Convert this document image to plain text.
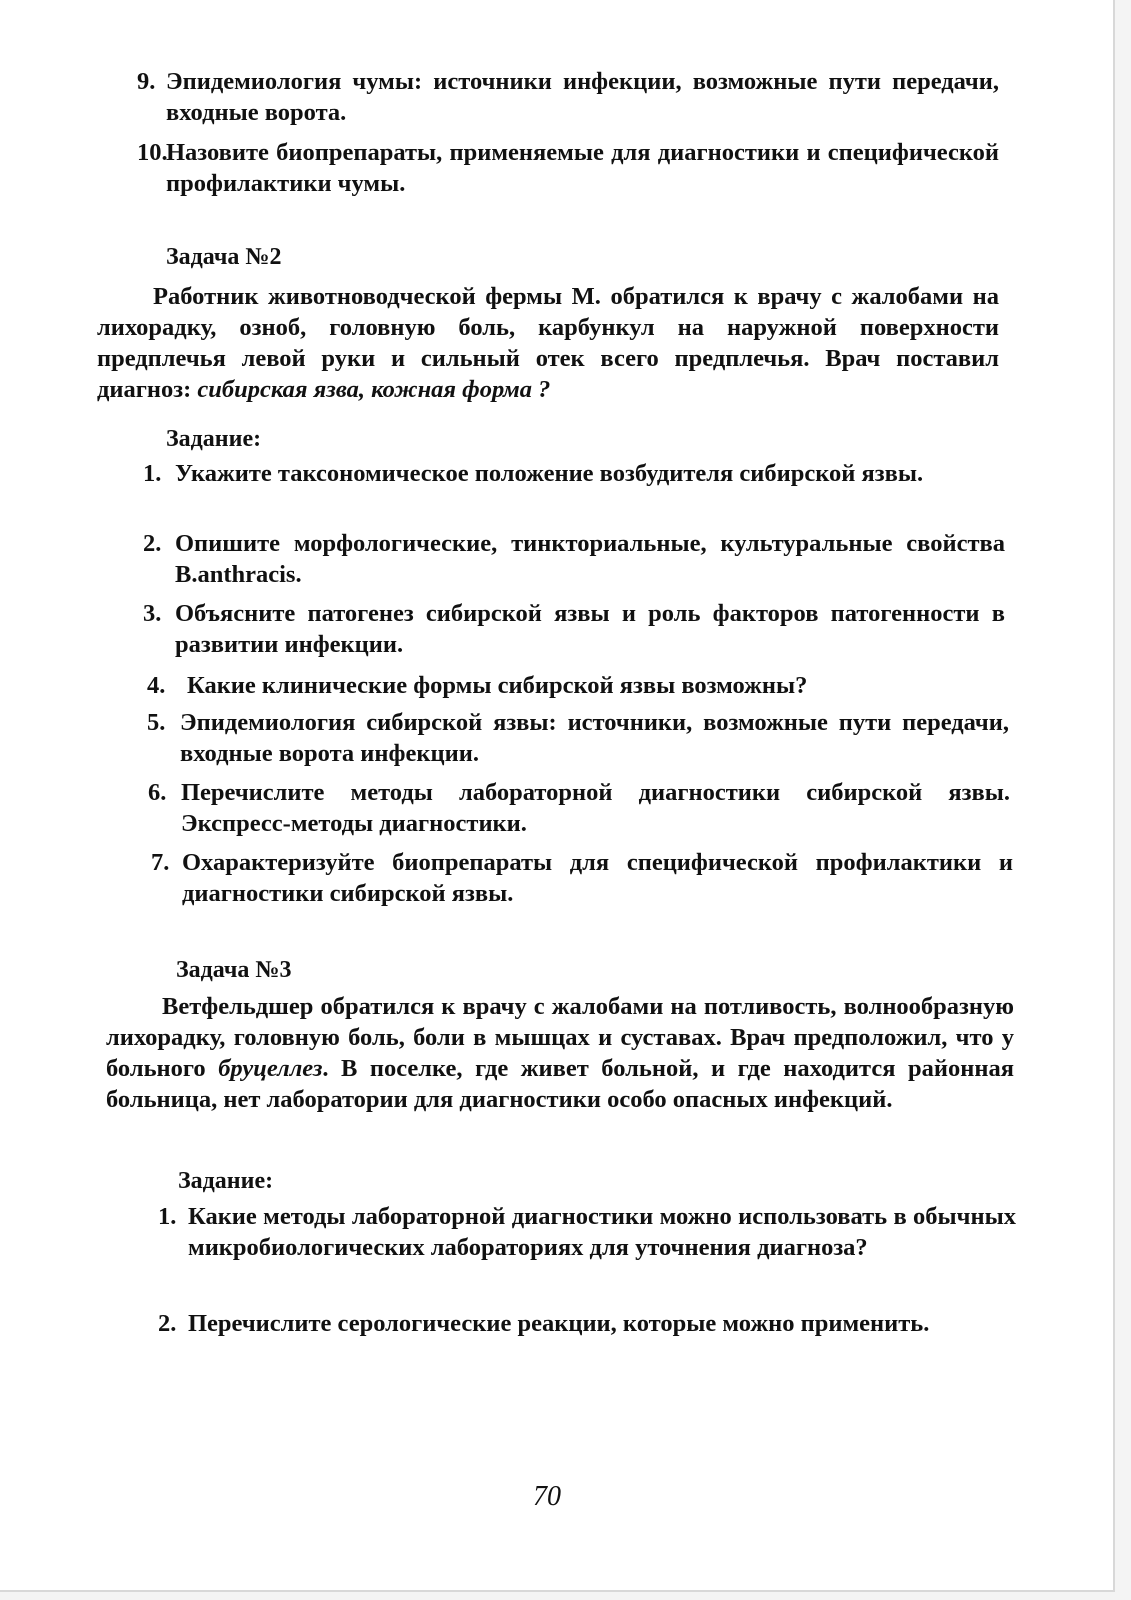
9. Эпидемиология чумы: источники инфекции, возможные пути передачи, входные ворота.
10.
Назовите биопрепараты, применяемые для диагностики и специфической профилактики чумы.
Задача №2
Работник животноводческой фермы М. обратился к врачу с жалобами на лихорадку, озноб, головную боль, карбункул на наружной поверхности предплечья левой руки и сильный отек всего предплечья. Врач поставил диагноз: сибирская язва, кожная форма ?
Задание:
1. Укажите таксономическое положение возбудителя сибирской язвы.
2. Опишите морфологические, тинкториальные, культуральные свойства B.anthracis.
3. Объясните патогенез сибирской язвы и роль факторов патогенности в развитии инфекции.
4. Какие клинические формы сибирской язвы возможны?
5. Эпидемиология сибирской язвы: источники, возможные пути передачи, входные ворота инфекции.
6. Перечислите методы лабораторной диагностики сибирской язвы. Экспресс-методы диагностики.
7. Охарактеризуйте биопрепараты для специфической профилактики и диагностики сибирской язвы.
Задача №3
Ветфельдшер обратился к врачу с жалобами на потливость, волнообразную лихорадку, головную боль, боли в мышцах и суставах. Врач предположил, что у больного бруцеллез. В поселке, где живет больной, и где находится районная больница, нет лаборатории для диагностики особо опасных инфекций.
Задание:
1. Какие методы лабораторной диагностики можно использовать в обычных микробиологических лабораториях для уточнения диагноза?
2. Перечислите серологические реакции, которые можно применить.
70
